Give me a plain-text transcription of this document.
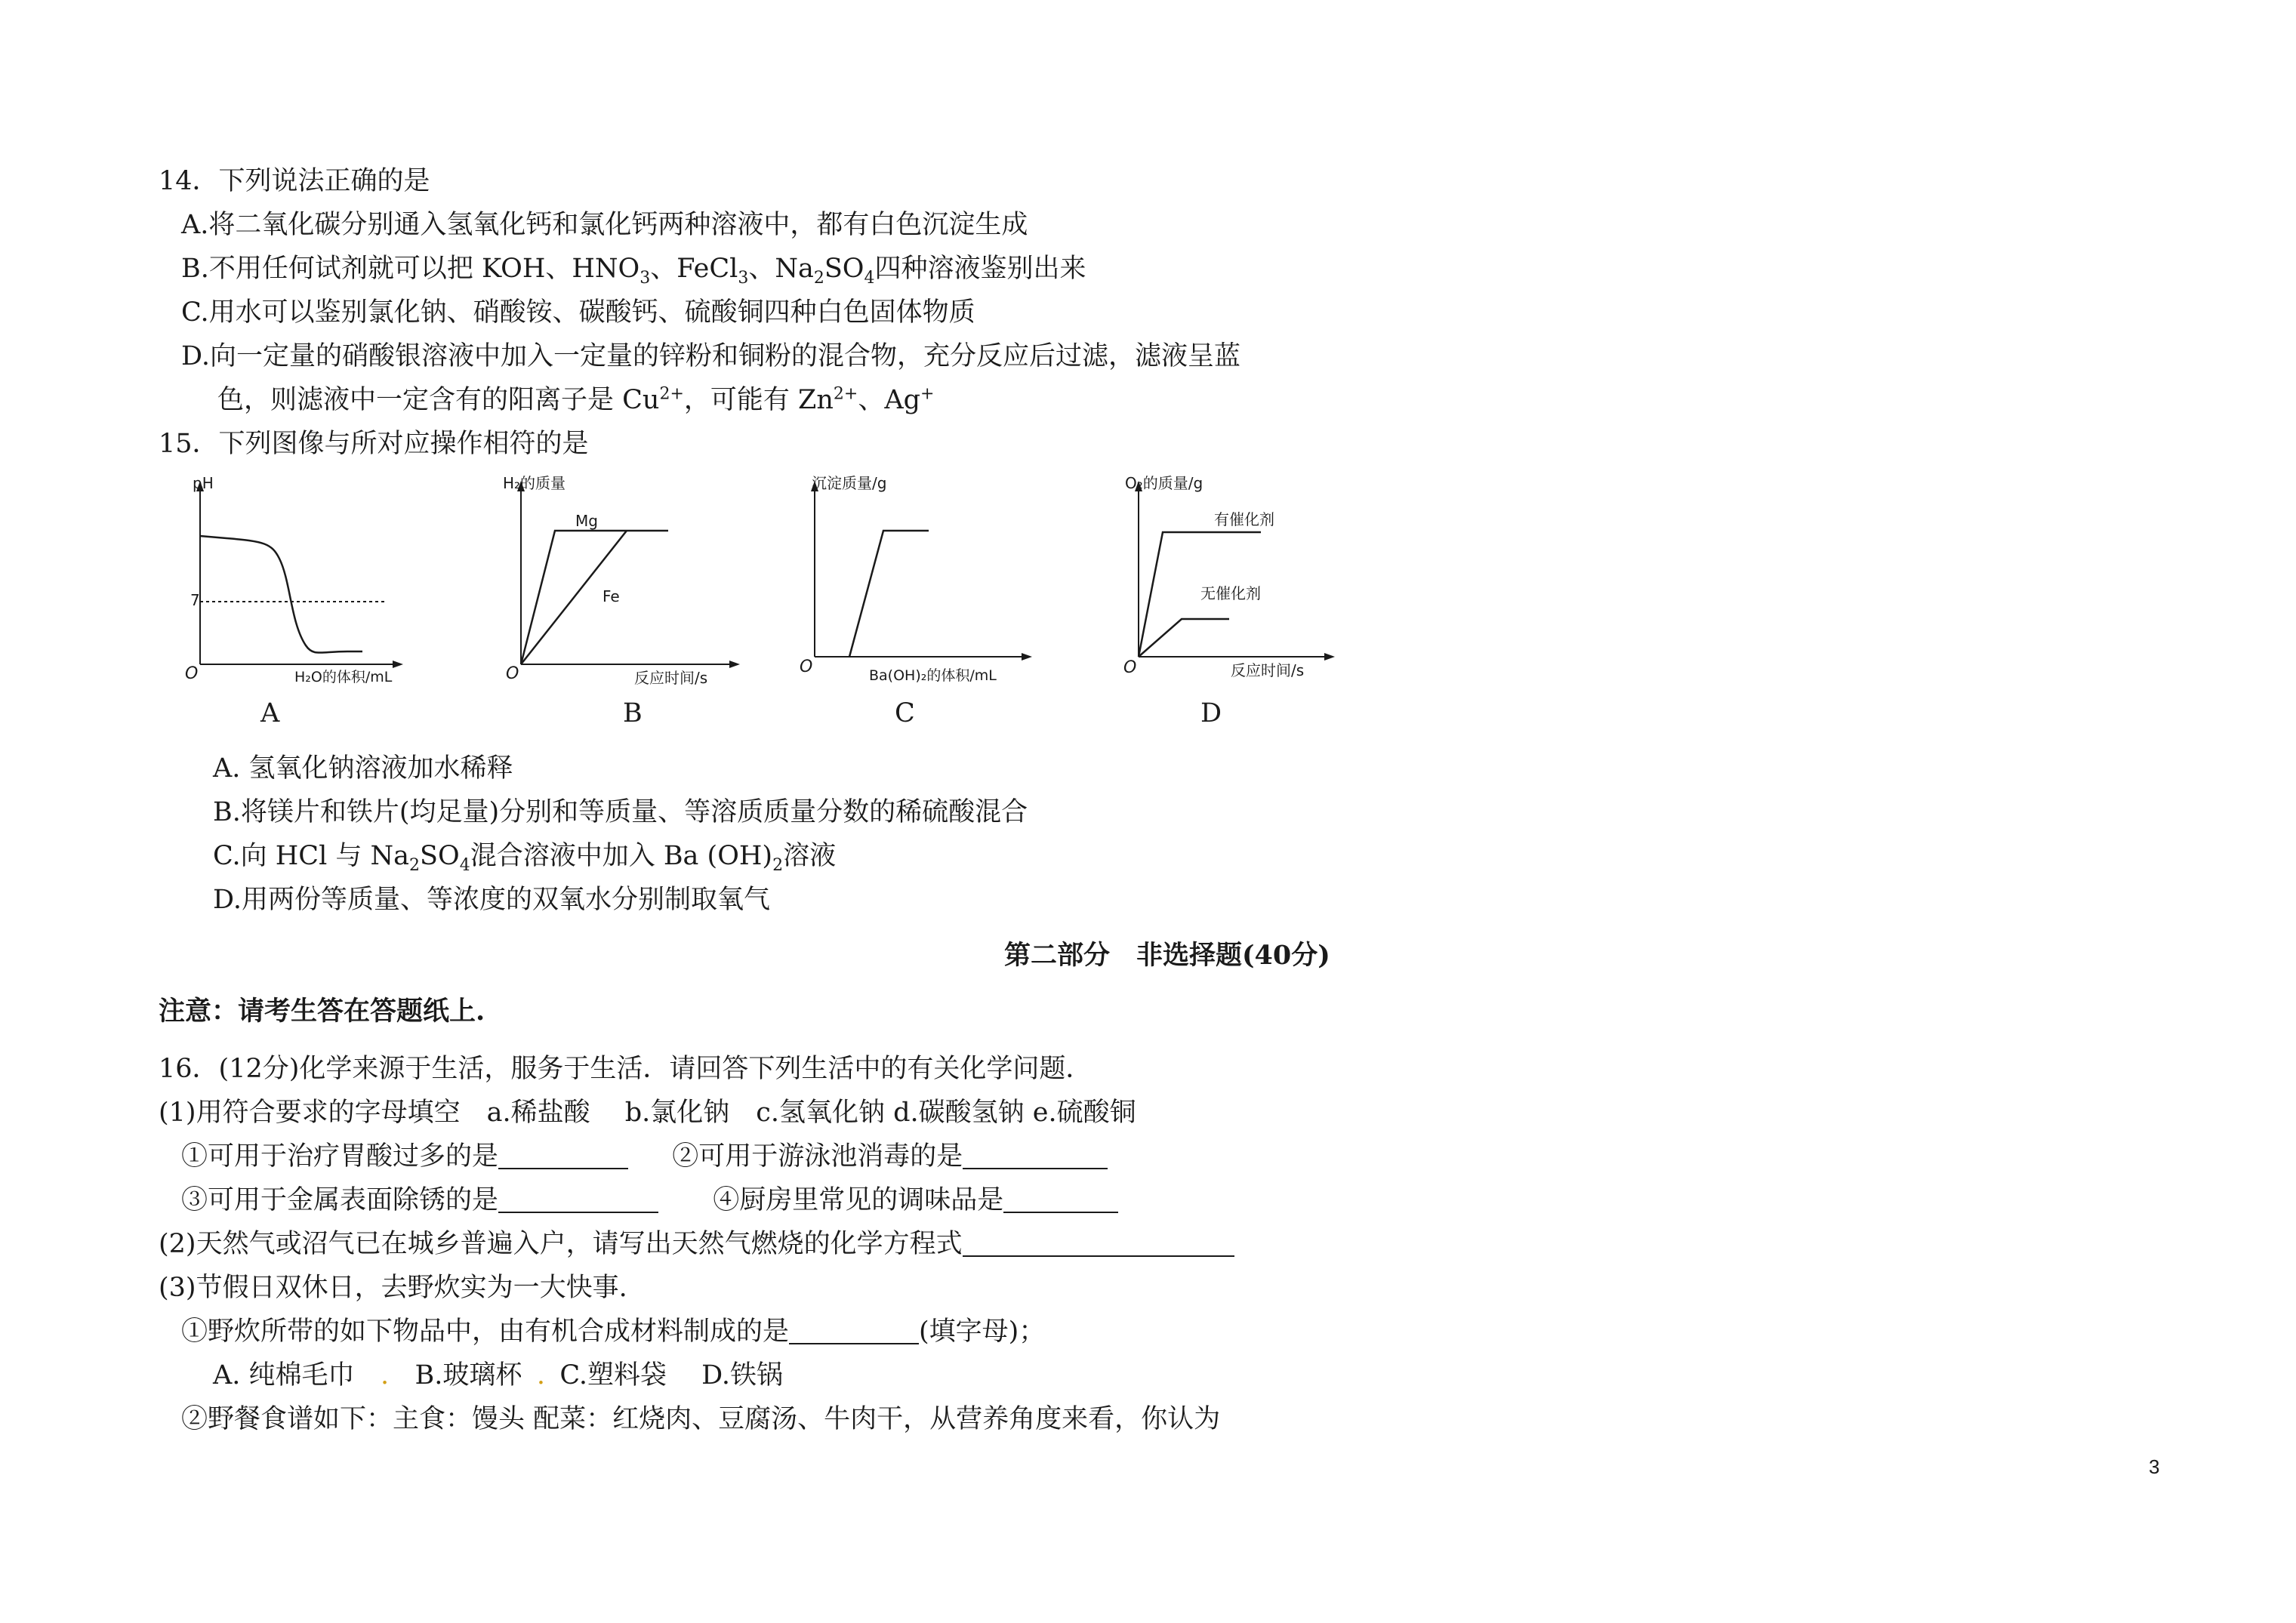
14．下列说法正确的是
A.将二氧化碳分别通入氢氧化钙和氯化钙两种溶液中，都有白色沉淀生成
B.不用任何试剂就可以把 KOH、$HNO_3$、FeCl$_3$、$Na_2SO_4$四种溶液鉴别出来
C.用水可以鉴别氯化钠、硝酸铵、碳酸钙、硫酸铜四种白色固体物质
D.向一定量的硝酸银溶液中加入一定量的锌粉和铜粉的混合物，充分反应后过滤，滤液呈蓝
色，则滤液中一定含有的阳离子是 $Cu^{2+}$，可能有 $Zn^{2+}$、Ag+
15．下列图像与所对应操作相符的是
pH
O
7
H₂O的体积/mL
A
H₂的质量
O
Mg
Fe
反应时间/s
B
沉淀质量/g
O	Ba(OH)₂的体积/mL
C
O₂的质量/g
O
有催化剂
无催化剂
反应时间/s
D
A. 氢氧化钠溶液加水稀释
B.将镁片和铁片(均足量)分别和等质量、等溶质质量分数的稀硫酸混合
C.向 HCl 与 $Na_2SO_4$混合溶液中加入 Ba $(OH)_2$溶液
D.用两份等质量、等浓度的双氧水分别制取氧气
第二部分　非选择题(40分)
注意：请考生答在答题纸上.
16．(12分)化学来源于生活，服务于生活．请回答下列生活中的有关化学问题．
(1)用符合要求的字母填空　a.稀盐酸　 b.氯化钠　c.氢氧化钠 d.碳酸氢钠 e.硫酸铜
①可用于治疗胃酸过多的是	②可用于游泳池消毒的是
③可用于金属表面除锈的是	④厨房里常见的调味品是
(2)天然气或沼气已在城乡普遍入户，请写出天然气燃烧的化学方程式
(3)节假日双休日，去野炊实为一大快事.
①野炊所带的如下物品中，由有机合成材料制成的是	(填字母)；
A. 纯棉毛巾 . B.玻璃杯 . C.塑料袋 D.铁锅
②野餐食谱如下：主食：馒头 配菜：红烧肉、豆腐汤、牛肉干，从营养角度来看，你认为
3
